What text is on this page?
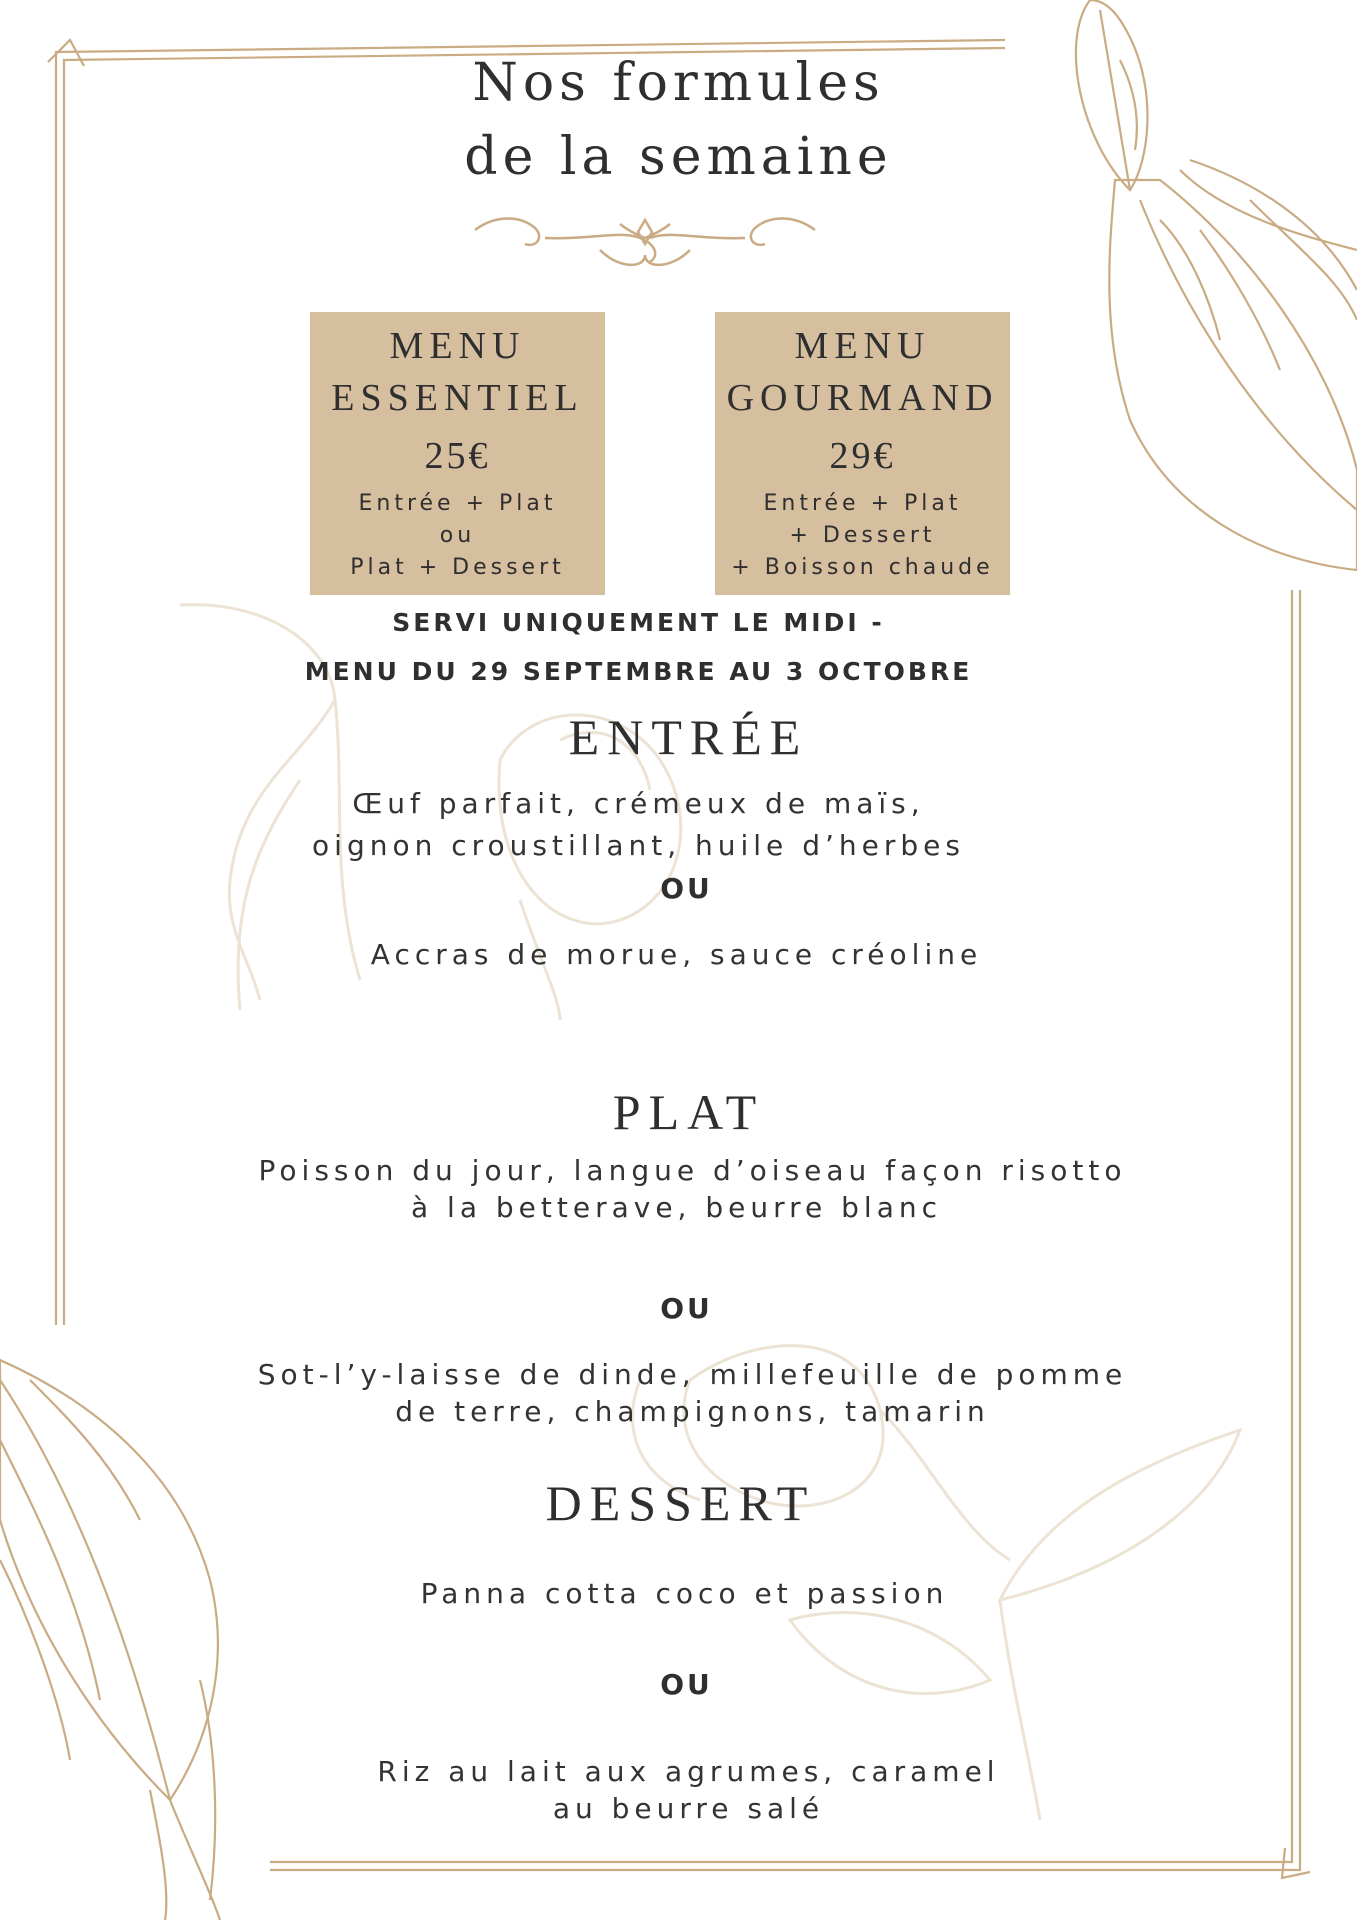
Nos formules
de la semaine
MENU
ESSENTIEL
25€
Entrée + Plat
ou
Plat + Dessert
MENU
GOURMAND
29€
Entrée + Plat
+ Dessert
+ Boisson chaude
SERVI UNIQUEMENT LE MIDI -
MENU DU 29 SEPTEMBRE AU 3 OCTOBRE
ENTRÉE
Œuf parfait, crémeux de maïs,
oignon croustillant, huile d’herbes
OU
Accras de morue, sauce créoline
PLAT
Poisson du jour, langue d’oiseau façon risotto
à la betterave, beurre blanc
OU
Sot-l’y-laisse de dinde, millefeuille de pomme
de terre, champignons, tamarin
DESSERT
Panna cotta coco et passion
OU
Riz au lait aux agrumes, caramel
au beurre salé
